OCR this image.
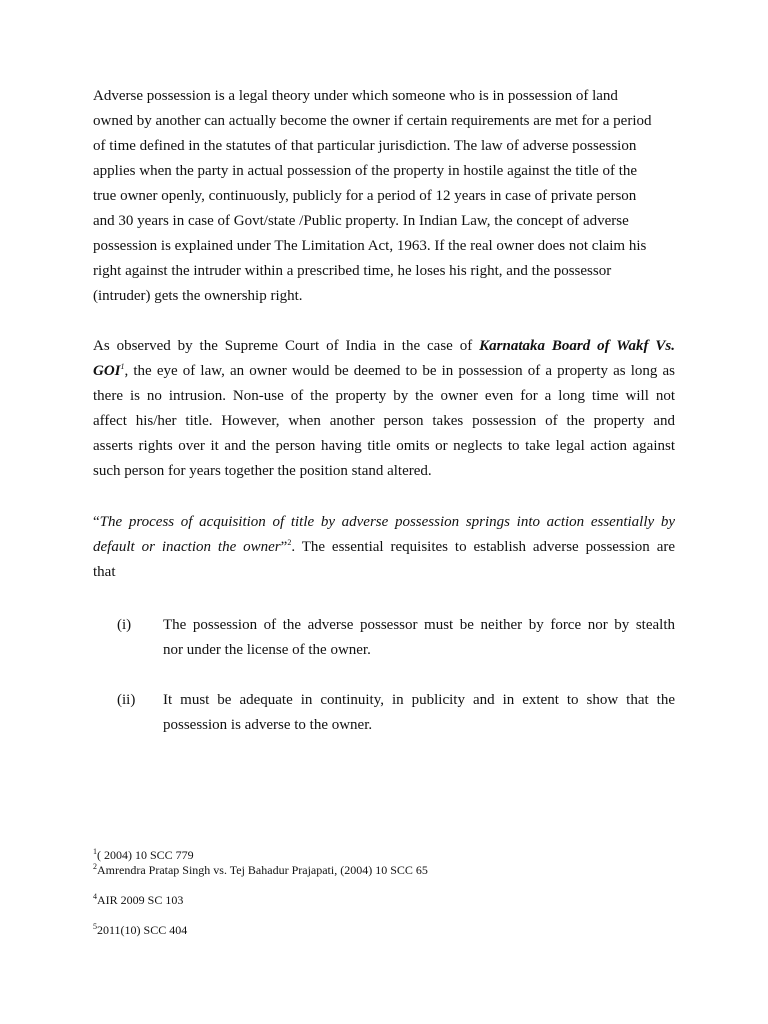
Adverse possession is a legal theory under which someone who is in possession of land
owned by another can actually become the owner if certain requirements are met for a period
of time defined in the statutes of that particular jurisdiction. The law of adverse possession
applies when the party in actual possession of the property in hostile against the title of the
true owner openly, continuously, publicly for a period of 12 years in case of private person
and 30 years in case of Govt/state /Public property. In Indian Law, the concept of adverse
possession is explained under The Limitation Act, 1963. If the real owner does not claim his
right against the intruder within a prescribed time, he loses his right, and the possessor
(intruder) gets the ownership right.
As observed by the Supreme Court of India in the case of Karnataka Board of Wakf Vs.
GOI$^1$, the eye of law, an owner would be deemed to be in possession of a property as long as
there is no intrusion. Non-use of the property by the owner even for a long time will not
affect his/her title. However, when another person takes possession of the property and
asserts rights over it and the person having title omits or neglects to take legal action against
such person for years together the position stand altered.
“The process of acquisition of title by adverse possession springs into action essentially by
default or inaction the owner”$^2$. The essential requisites to establish adverse possession are
that
(i) The possession of the adverse possessor must be neither by force nor by stealth
nor under the license of the owner.
(ii) It must be adequate in continuity, in publicity and in extent to show that the
possession is adverse to the owner.
$^1$( 2004) 10 SCC 779
$^2$Amrendra Pratap Singh vs. Tej Bahadur Prajapati, (2004) 10 SCC 65
$^4$AIR 2009 SC 103
$^5$2011(10) SCC 404
